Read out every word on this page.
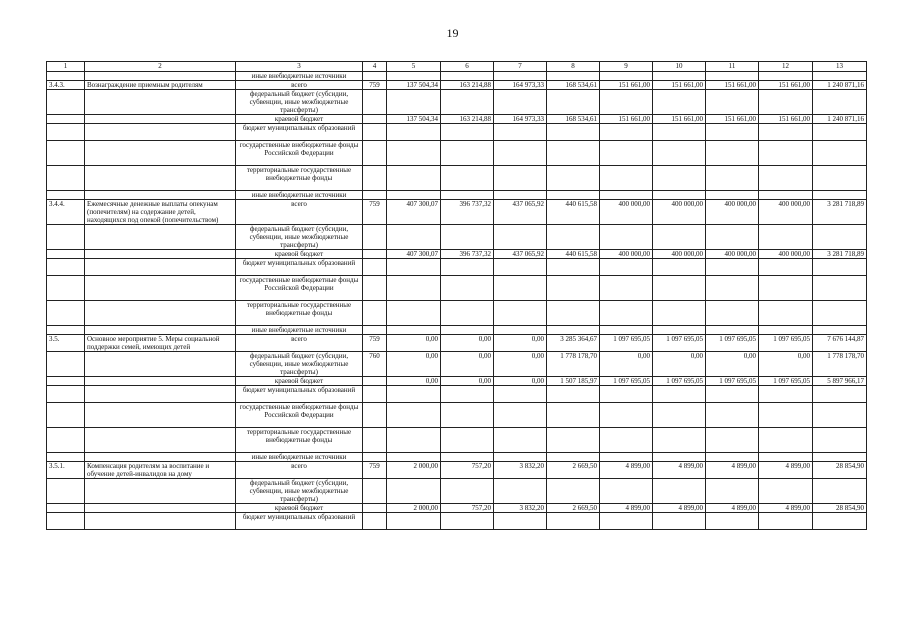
19
1	2	3	4	5	6	7	8	9	10	11	12	13
		иные внебюджетные источники										
3.4.3.	Вознаграждение приемным родителям	всего	759	137 504,34	163 214,88	164 973,33	168 534,61	151 661,00	151 661,00	151 661,00	151 661,00	1 240 871,16
		федеральный бюджет (субсидии, субвенции, иные межбюджетные трансферты)										
		краевой бюджет		137 504,34	163 214,88	164 973,33	168 534,61	151 661,00	151 661,00	151 661,00	151 661,00	1 240 871,16
		бюджет муниципальных образований										
		государственные внебюджетные фонды Российской Федерации										
		территориальные государственные внебюджетные фонды										
		иные внебюджетные источники										
3.4.4.	Ежемесячные денежные выплаты опекунам (попечителям) на содержание детей, находящихся под опекой (попечительством)	всего	759	407 300,07	396 737,32	437 065,92	440 615,58	400 000,00	400 000,00	400 000,00	400 000,00	3 281 718,89
		федеральный бюджет (субсидии, субвенции, иные межбюджетные трансферты)										
		краевой бюджет		407 300,07	396 737,32	437 065,92	440 615,58	400 000,00	400 000,00	400 000,00	400 000,00	3 281 718,89
		бюджет муниципальных образований										
		государственные внебюджетные фонды Российской Федерации										
		территориальные государственные внебюджетные фонды										
		иные внебюджетные источники										
3.5.	Основное мероприятие 5. Меры социальной поддержки семей, имеющих детей	всего	759	0,00	0,00	0,00	3 285 364,67	1 097 695,05	1 097 695,05	1 097 695,05	1 097 695,05	7 676 144,87
		федеральный бюджет (субсидии, субвенции, иные межбюджетные трансферты)	760	0,00	0,00	0,00	1 778 178,70	0,00	0,00	0,00	0,00	1 778 178,70
		краевой бюджет		0,00	0,00	0,00	1 507 185,97	1 097 695,05	1 097 695,05	1 097 695,05	1 097 695,05	5 897 966,17
		бюджет муниципальных образований										
		государственные внебюджетные фонды Российской Федерации										
		территориальные государственные внебюджетные фонды										
		иные внебюджетные источники										
3.5.1.	Компенсация родителям за воспитание и обучение детей-инвалидов на дому	всего	759	2 000,00	757,20	3 832,20	2 669,50	4 899,00	4 899,00	4 899,00	4 899,00	28 854,90
		федеральный бюджет (субсидии, субвенции, иные межбюджетные трансферты)										
		краевой бюджет		2 000,00	757,20	3 832,20	2 669,50	4 899,00	4 899,00	4 899,00	4 899,00	28 854,90
		бюджет муниципальных образований										
